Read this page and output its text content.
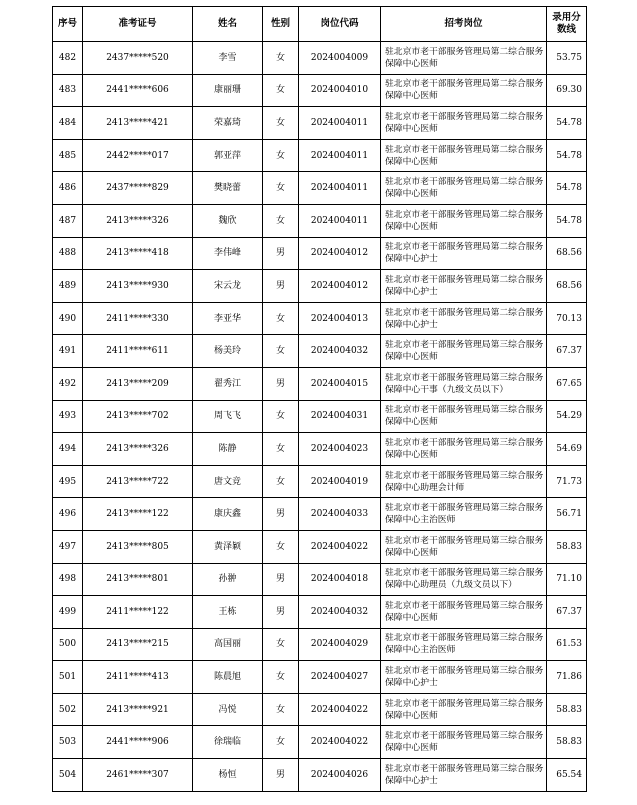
序号	准考证号	姓名	性别	岗位代码	招考岗位	录用分数线
482	2437*****520	李雪	女	2024004009	驻北京市老干部服务管理局第二综合服务保障中心医师	53.75
483	2441*****606	康丽珊	女	2024004010	驻北京市老干部服务管理局第二综合服务保障中心医师	69.30
484	2413*****421	荣嘉琦	女	2024004011	驻北京市老干部服务管理局第二综合服务保障中心医师	54.78
485	2442*****017	郭亚萍	女	2024004011	驻北京市老干部服务管理局第二综合服务保障中心医师	54.78
486	2437*****829	樊晓蕾	女	2024004011	驻北京市老干部服务管理局第二综合服务保障中心医师	54.78
487	2413*****326	魏欣	女	2024004011	驻北京市老干部服务管理局第二综合服务保障中心医师	54.78
488	2413*****418	李伟峰	男	2024004012	驻北京市老干部服务管理局第二综合服务保障中心护士	68.56
489	2413*****930	宋云龙	男	2024004012	驻北京市老干部服务管理局第二综合服务保障中心护士	68.56
490	2411*****330	李亚华	女	2024004013	驻北京市老干部服务管理局第二综合服务保障中心护士	70.13
491	2411*****611	杨美玲	女	2024004032	驻北京市老干部服务管理局第三综合服务保障中心医师	67.37
492	2413*****209	翟秀江	男	2024004015	驻北京市老干部服务管理局第三综合服务保障中心干事（九级文员以下）	67.65
493	2413*****702	周飞飞	女	2024004031	驻北京市老干部服务管理局第三综合服务保障中心医师	54.29
494	2413*****326	陈静	女	2024004023	驻北京市老干部服务管理局第三综合服务保障中心医师	54.69
495	2413*****722	唐文竞	女	2024004019	驻北京市老干部服务管理局第三综合服务保障中心助理会计师	71.73
496	2413*****122	康庆鑫	男	2024004033	驻北京市老干部服务管理局第三综合服务保障中心主治医师	56.71
497	2413*****805	黄泽颖	女	2024004022	驻北京市老干部服务管理局第三综合服务保障中心医师	58.83
498	2413*****801	孙翀	男	2024004018	驻北京市老干部服务管理局第三综合服务保障中心助理员（九级文员以下）	71.10
499	2411*****122	王栋	男	2024004032	驻北京市老干部服务管理局第三综合服务保障中心医师	67.37
500	2413*****215	高国丽	女	2024004029	驻北京市老干部服务管理局第三综合服务保障中心主治医师	61.53
501	2411*****413	陈晨旭	女	2024004027	驻北京市老干部服务管理局第三综合服务保障中心护士	71.86
502	2413*****921	冯悦	女	2024004022	驻北京市老干部服务管理局第三综合服务保障中心医师	58.83
503	2441*****906	徐瑞临	女	2024004022	驻北京市老干部服务管理局第三综合服务保障中心医师	58.83
504	2461*****307	杨恒	男	2024004026	驻北京市老干部服务管理局第三综合服务保障中心护士	65.54
